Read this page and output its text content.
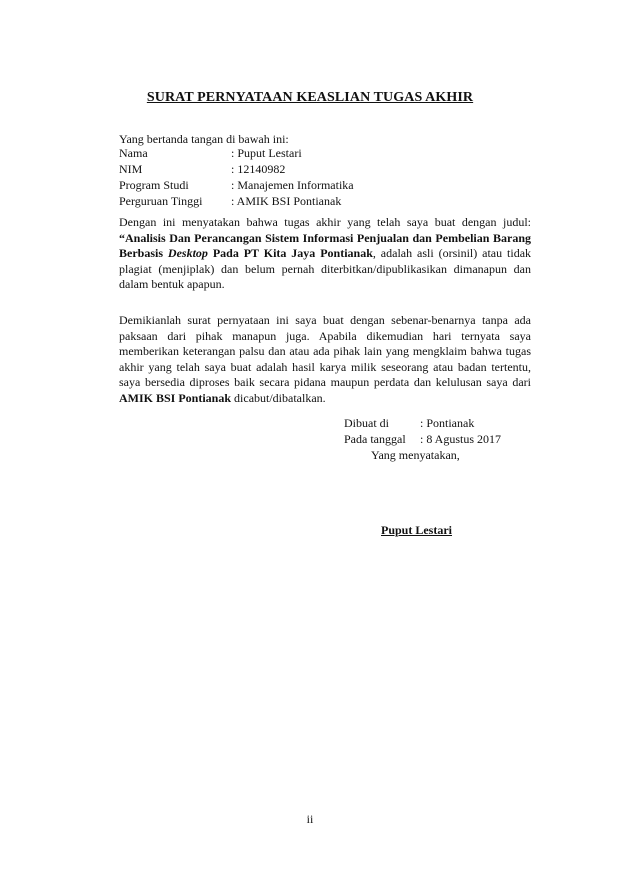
SURAT PERNYATAAN KEASLIAN TUGAS AKHIR
Yang bertanda tangan di bawah ini:
Nama	: Puput Lestari
NIM	: 12140982
Program Studi	: Manajemen Informatika
Perguruan Tinggi	: AMIK BSI Pontianak
Dengan ini menyatakan bahwa tugas akhir yang telah saya buat dengan judul: “Analisis Dan Perancangan Sistem Informasi Penjualan dan Pembelian Barang Berbasis Desktop Pada PT Kita Jaya Pontianak, adalah asli (orsinil) atau tidak plagiat (menjiplak) dan belum pernah diterbitkan/dipublikasikan dimanapun dan dalam bentuk apapun.
Demikianlah surat pernyataan ini saya buat dengan sebenar-benarnya tanpa ada paksaan dari pihak manapun juga. Apabila dikemudian hari ternyata saya memberikan keterangan palsu dan atau ada pihak lain yang mengklaim bahwa tugas akhir yang telah saya buat adalah hasil karya milik seseorang atau badan tertentu, saya bersedia diproses baik secara pidana maupun perdata dan kelulusan saya dari AMIK BSI Pontianak dicabut/dibatalkan.
Dibuat di	: Pontianak
Pada tanggal	: 8 Agustus 2017
Yang menyatakan,
Puput Lestari
ii
